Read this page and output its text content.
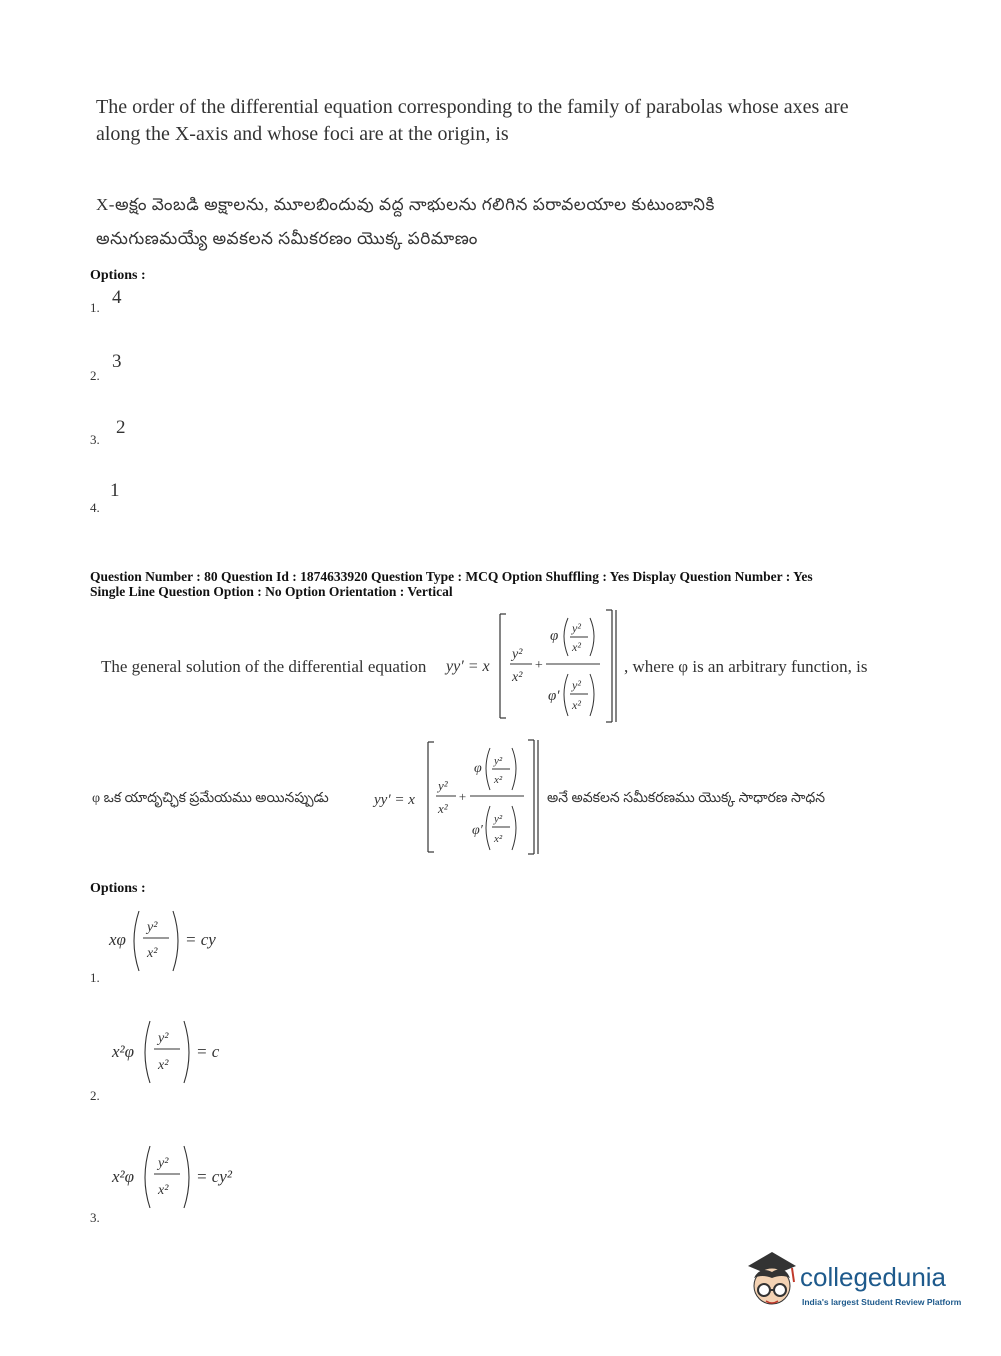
The order of the differential equation corresponding to the family of parabolas whose axes are along the X-axis and whose foci are at the origin, is
X-అక్షం వెంబడి అక్షాలను, మూలబిందువు వద్ద నాభులను గలిగిన పరావలయాల కుటుంబానికి
అనుగుణమయ్యే అవకలన సమీకరణం యొక్క పరిమాణం
Options :
1. 4
2.
3
3.
2
4.
1
Question Number : 80 Question Id : 1874633920 Question Type : MCQ Option Shuffling : Yes Display Question Number : Yes
Single Line Question Option : No Option Orientation : Vertical
The general solution of the differential equation yy′ = x
y²
x²
+
φ y²
x²
φ′
y²
x²
, where φ is an arbitrary function, is
φ ఒక యాదృచ్ఛిక ప్రమేయము అయినప్పుడు	yy′ = x
y²
x²
+
φ y²
x²
φ′
y²
x²
అనే అవకలన సమీకరణము యొక్క సాధారణ సాధన
Options :
xφ
y²
x²
= cy
1.
x²φ
y²
x²
= c
2.
x²φ
y²
x²
= cy²
3.
collegedunia
India's largest Student Review Platform
